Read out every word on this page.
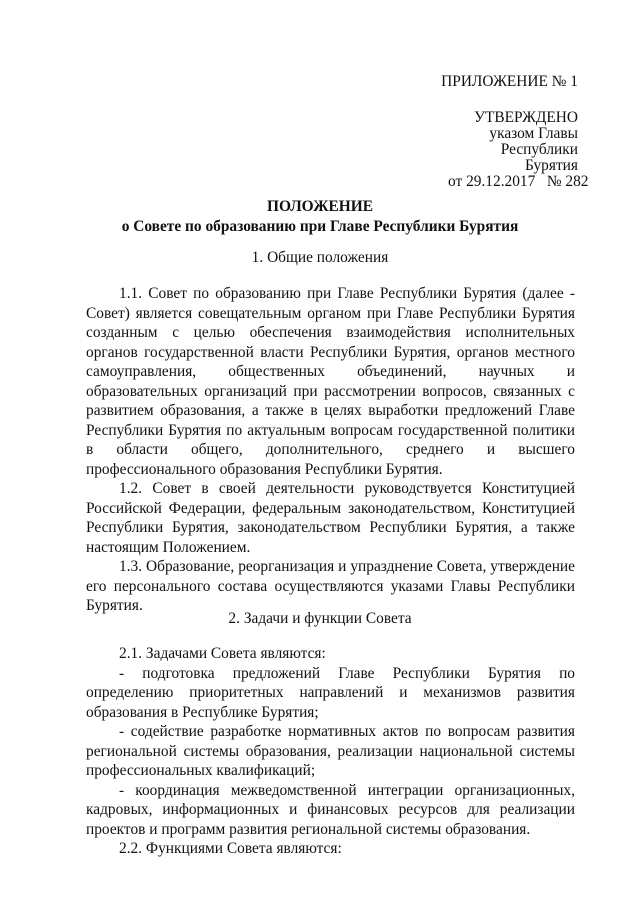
ПРИЛОЖЕНИЕ № 1
УТВЕРЖДЕНО
указом Главы
Республики Бурятия
от 29.12.2017   № 282
ПОЛОЖЕНИЕ
о Совете по образованию при Главе Республики Бурятия
1. Общие положения

1.1. Совет по образованию при Главе Республики Бурятия (далее - Совет) является совещательным органом при Главе Республики Бурятия созданным с целью обеспечения взаимодействия исполнительных органов государственной власти Республики Бурятия, органов местного самоуправления, общественных объединений, научных и образовательных организаций при рассмотрении вопросов, связанных с развитием образования, а также в целях выработки предложений Главе Республики Бурятия по актуальным вопросам государственной политики в области общего, дополнительного, среднего и высшего профессионального образования Республики Бурятия.

1.2. Совет в своей деятельности руководствуется Конституцией Российской Федерации, федеральным законодательством, Конституцией Республики Бурятия, законодательством Республики Бурятия, а также настоящим Положением.

1.3. Образование, реорганизация и упразднение Совета, утверждение его персонального состава осуществляются указами Главы Республики Бурятия.

2. Задачи и функции Совета

2.1. Задачами Совета являются:

- подготовка предложений Главе Республики Бурятия по определению приоритетных направлений и механизмов развития образования в Республике Бурятия;

- содействие разработке нормативных актов по вопросам развития региональной системы образования, реализации национальной системы профессиональных квалификаций;

- координация межведомственной интеграции организационных, кадровых, информационных и финансовых ресурсов для реализации проектов и программ развития региональной системы образования.

2.2. Функциями Совета являются:
